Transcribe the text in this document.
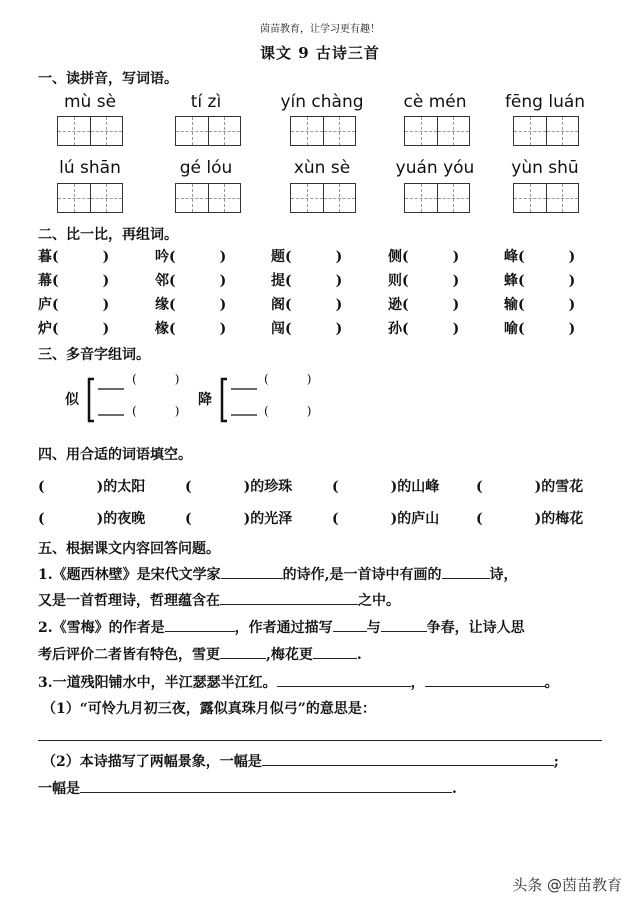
茵苗教育，让学习更有趣！
课文 9 古诗三首
一、读拼音，写词语。
mù sè	tí zì	yín chàng	cè mén	fēng luán
lú shān	gé lóu	xùn sè	yuán yóu	yùn shū
二、比一比，再组词。
暮(	)	吟(	)	题(	)	侧(	)	峰(	)
幕(	)	邻(	)	提(	)	则(	)	蜂(	)
庐(	)	缘(	)	阁(	)	逊(	)	输(	)
炉(	)	椽(	)	闯(	)	孙(	)	喻(	)
三、多音字组词。
似
(	)
(	)
降
(	)
(	)
四、用合适的词语填空。
(	)的太阳	(	)的珍珠	(	)的山峰	(	)的雪花
(	)的夜晚	(	)的光泽	(	)的庐山	(	)的梅花
五、根据课文内容回答问题。
1.《题西林壁》是宋代文学家	的诗作,是一首诗中有画的	诗，
又是一首哲理诗，哲理蕴含在	之中。
2.《雪梅》的作者是	，作者通过描写 与	争春，让诗人思
考后评价二者皆有特色，雪更	,梅花更	.
3.一道残阳铺水中，半江瑟瑟半江红。	，	。
（1）“可怜九月初三夜，露似真珠月似弓”的意思是：
（2）本诗描写了两幅景象，一幅是	;
一幅是	.
头条 @茵苗教育
